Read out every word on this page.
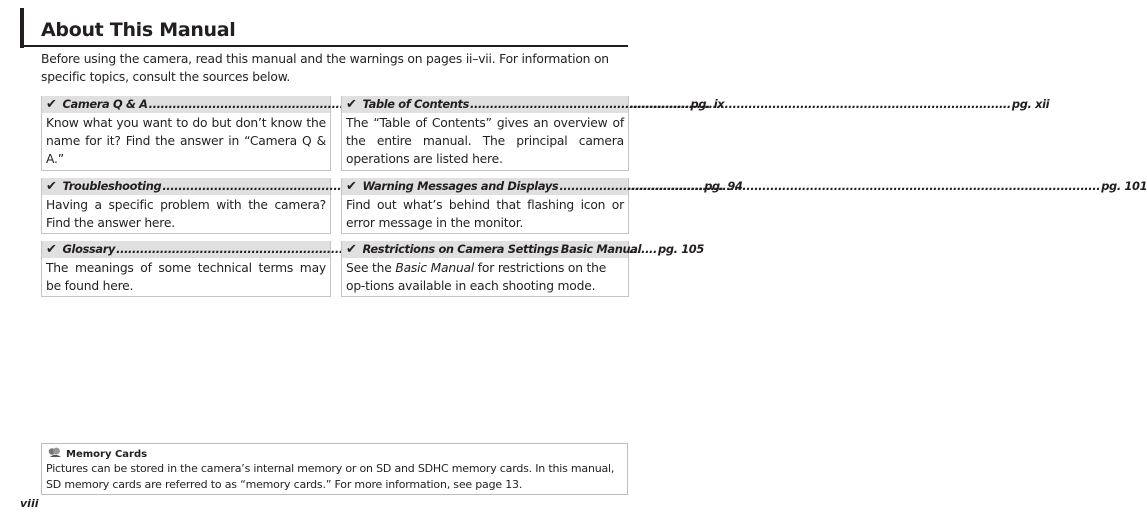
About This Manual
Before using the camera, read this manual and the warnings on pages ii–vii. For information on specific topics, consult the sources below.
✔ Camera Q & A .....	pg. ix
Know what you want to do but don’t know the name for it? Find the answer in “Camera Q & A.”
✔ Table of Contents .....	pg. xii
The “Table of Contents” gives an overview of the entire manual. The principal camera operations are listed here.
✔ Troubleshooting .....	pg. 94
Having a specific problem with the camera? Find the answer here.
✔ Warning Messages and Displays .....	pg. 101
Find out what’s behind that flashing icon or error message in the monitor.
✔ Glossary .....	pg. 105
The meanings of some technical terms may be found here.
✔ Restrictions on Camera Settings Basic Manual
See the Basic Manual for restrictions on the op-tions available in each shooting mode.
Memory Cards
Pictures can be stored in the camera’s internal memory or on SD and SDHC memory cards. In this manual, SD memory cards are referred to as “memory cards.” For more information, see page 13.
viii
